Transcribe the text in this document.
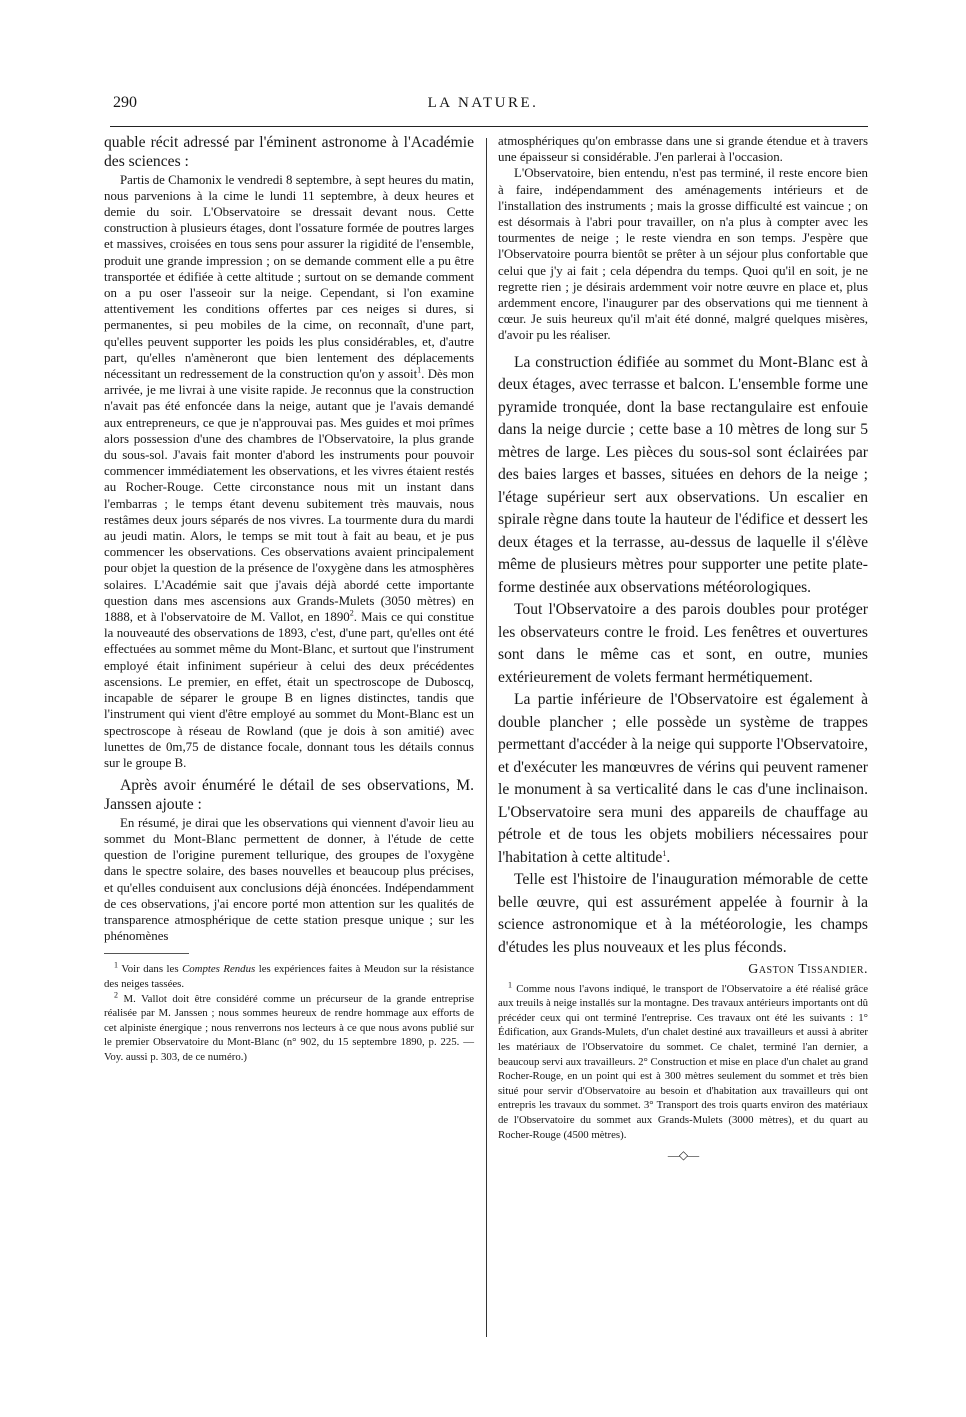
290	LA NATURE.

quable récit adressé par l'éminent astronome à l'Académie des sciences :

Partis de Chamonix le vendredi 8 septembre, à sept heures du matin, nous parvenions à la cime le lundi 11 septembre, à deux heures et demie du soir. L'Observatoire se dressait devant nous. Cette construction à plusieurs étages, dont l'ossature formée de poutres larges et massives, croisées en tous sens pour assurer la rigidité de l'ensemble, produit une grande impression ; on se demande comment elle a pu être transportée et édifiée à cette altitude ; surtout on se demande comment on a pu oser l'asseoir sur la neige. Cependant, si l'on examine attentivement les conditions offertes par ces neiges si dures, si permanentes, si peu mobiles de la cime, on reconnaît, d'une part, qu'elles peuvent supporter les poids les plus considérables, et, d'autre part, qu'elles n'amèneront que bien lentement des déplacements nécessitant un redressement de la construction qu'on y assoit$^1$. Dès mon arrivée, je me livrai à une visite rapide. Je reconnus que la construction n'avait pas été enfoncée dans la neige, autant que je l'avais demandé aux entrepreneurs, ce que je n'approuvai pas. Mes guides et moi prîmes alors possession d'une des chambres de l'Observatoire, la plus grande du sous-sol. J'avais fait monter d'abord les instruments pour pouvoir commencer immédiatement les observations, et les vivres étaient restés au Rocher-Rouge. Cette circonstance nous mit un instant dans l'embarras ; le temps étant devenu subitement très mauvais, nous restâmes deux jours séparés de nos vivres. La tourmente dura du mardi au jeudi matin. Alors, le temps se mit tout à fait au beau, et je pus commencer les observations. Ces observations avaient principalement pour objet la question de la présence de l'oxygène dans les atmosphères solaires. L'Académie sait que j'avais déjà abordé cette importante question dans mes ascensions aux Grands-Mulets (3050 mètres) en 1888, et à l'observatoire de M. Vallot, en 1890$^2$. Mais ce qui constitue la nouveauté des observations de 1893, c'est, d'une part, qu'elles ont été effectuées au sommet même du Mont-Blanc, et surtout que l'instrument employé était infiniment supérieur à celui des deux précédentes ascensions. Le premier, en effet, était un spectroscope de Duboscq, incapable de séparer le groupe B en lignes distinctes, tandis que l'instrument qui vient d'être employé au sommet du Mont-Blanc est un spectroscope à réseau de Rowland (que je dois à son amitié) avec lunettes de 0m,75 de distance focale, donnant tous les détails connus sur le groupe B.

Après avoir énuméré le détail de ses observations, M. Janssen ajoute :

En résumé, je dirai que les observations qui viennent d'avoir lieu au sommet du Mont-Blanc permettent de donner, à l'étude de cette question de l'origine purement tellurique, des groupes de l'oxygène dans le spectre solaire, des bases nouvelles et beaucoup plus précises, et qu'elles conduisent aux conclusions déjà énoncées. Indépendamment de ces observations, j'ai encore porté mon attention sur les qualités de transparence atmosphérique de cette station presque unique ; sur les phénomènes

$^1$ Voir dans les Comptes Rendus les expériences faites à Meudon sur la résistance des neiges tassées.

$^2$ M. Vallot doit être considéré comme un précurseur de la grande entreprise réalisée par M. Janssen ; nous sommes heureux de rendre hommage aux efforts de cet alpiniste énergique ; nous renverrons nos lecteurs à ce que nous avons publié sur le premier Observatoire du Mont-Blanc (n° 902, du 15 septembre 1890, p. 225. — Voy. aussi p. 303, de ce numéro.)

atmosphériques qu'on embrasse dans une si grande étendue et à travers une épaisseur si considérable. J'en parlerai à l'occasion.

L'Observatoire, bien entendu, n'est pas terminé, il reste encore bien à faire, indépendamment des aménagements intérieurs et de l'installation des instruments ; mais la grosse difficulté est vaincue ; on est désormais à l'abri pour travailler, on n'a plus à compter avec les tourmentes de neige ; le reste viendra en son temps. J'espère que l'Observatoire pourra bientôt se prêter à un séjour plus confortable que celui que j'y ai fait ; cela dépendra du temps. Quoi qu'il en soit, je ne regrette rien ; je désirais ardemment voir notre œuvre en place et, plus ardemment encore, l'inaugurer par des observations qui me tiennent à cœur. Je suis heureux qu'il m'ait été donné, malgré quelques misères, d'avoir pu les réaliser.

La construction édifiée au sommet du Mont-Blanc est à deux étages, avec terrasse et balcon. L'ensemble forme une pyramide tronquée, dont la base rectangulaire est enfouie dans la neige durcie ; cette base a 10 mètres de long sur 5 mètres de large. Les pièces du sous-sol sont éclairées par des baies larges et basses, situées en dehors de la neige ; l'étage supérieur sert aux observations. Un escalier en spirale règne dans toute la hauteur de l'édifice et dessert les deux étages et la terrasse, au-dessus de laquelle il s'élève même de plusieurs mètres pour supporter une petite plate-forme destinée aux observations météorologiques.

Tout l'Observatoire a des parois doubles pour protéger les observateurs contre le froid. Les fenêtres et ouvertures sont dans le même cas et sont, en outre, munies extérieurement de volets fermant hermétiquement.

La partie inférieure de l'Observatoire est également à double plancher ; elle possède un système de trappes permettant d'accéder à la neige qui supporte l'Observatoire, et d'exécuter les manœuvres de vérins qui peuvent ramener le monument à sa verticalité dans le cas d'une inclinaison. L'Observatoire sera muni des appareils de chauffage au pétrole et de tous les objets mobiliers nécessaires pour l'habitation à cette altitude$^1$.

Telle est l'histoire de l'inauguration mémorable de cette belle œuvre, qui est assurément appelée à fournir à la science astronomique et à la météorologie, les champs d'études les plus nouveaux et les plus féconds.
Gaston Tissandier.

$^1$ Comme nous l'avons indiqué, le transport de l'Observatoire a été réalisé grâce aux treuils à neige installés sur la montagne. Des travaux antérieurs importants ont dû précéder ceux qui ont terminé l'entreprise. Ces travaux ont été les suivants : 1° Édification, aux Grands-Mulets, d'un chalet destiné aux travailleurs et aussi à abriter les matériaux de l'Observatoire du sommet. Ce chalet, terminé l'an dernier, a beaucoup servi aux travailleurs. 2° Construction et mise en place d'un chalet au grand Rocher-Rouge, en un point qui est à 300 mètres seulement du sommet et très bien situé pour servir d'Observatoire au besoin et d'habitation aux travailleurs qui ont entrepris les travaux du sommet. 3° Transport des trois quarts environ des matériaux de l'Observatoire du sommet aux Grands-Mulets (3000 mètres), et du quart au Rocher-Rouge (4500 mètres).

—◇—
